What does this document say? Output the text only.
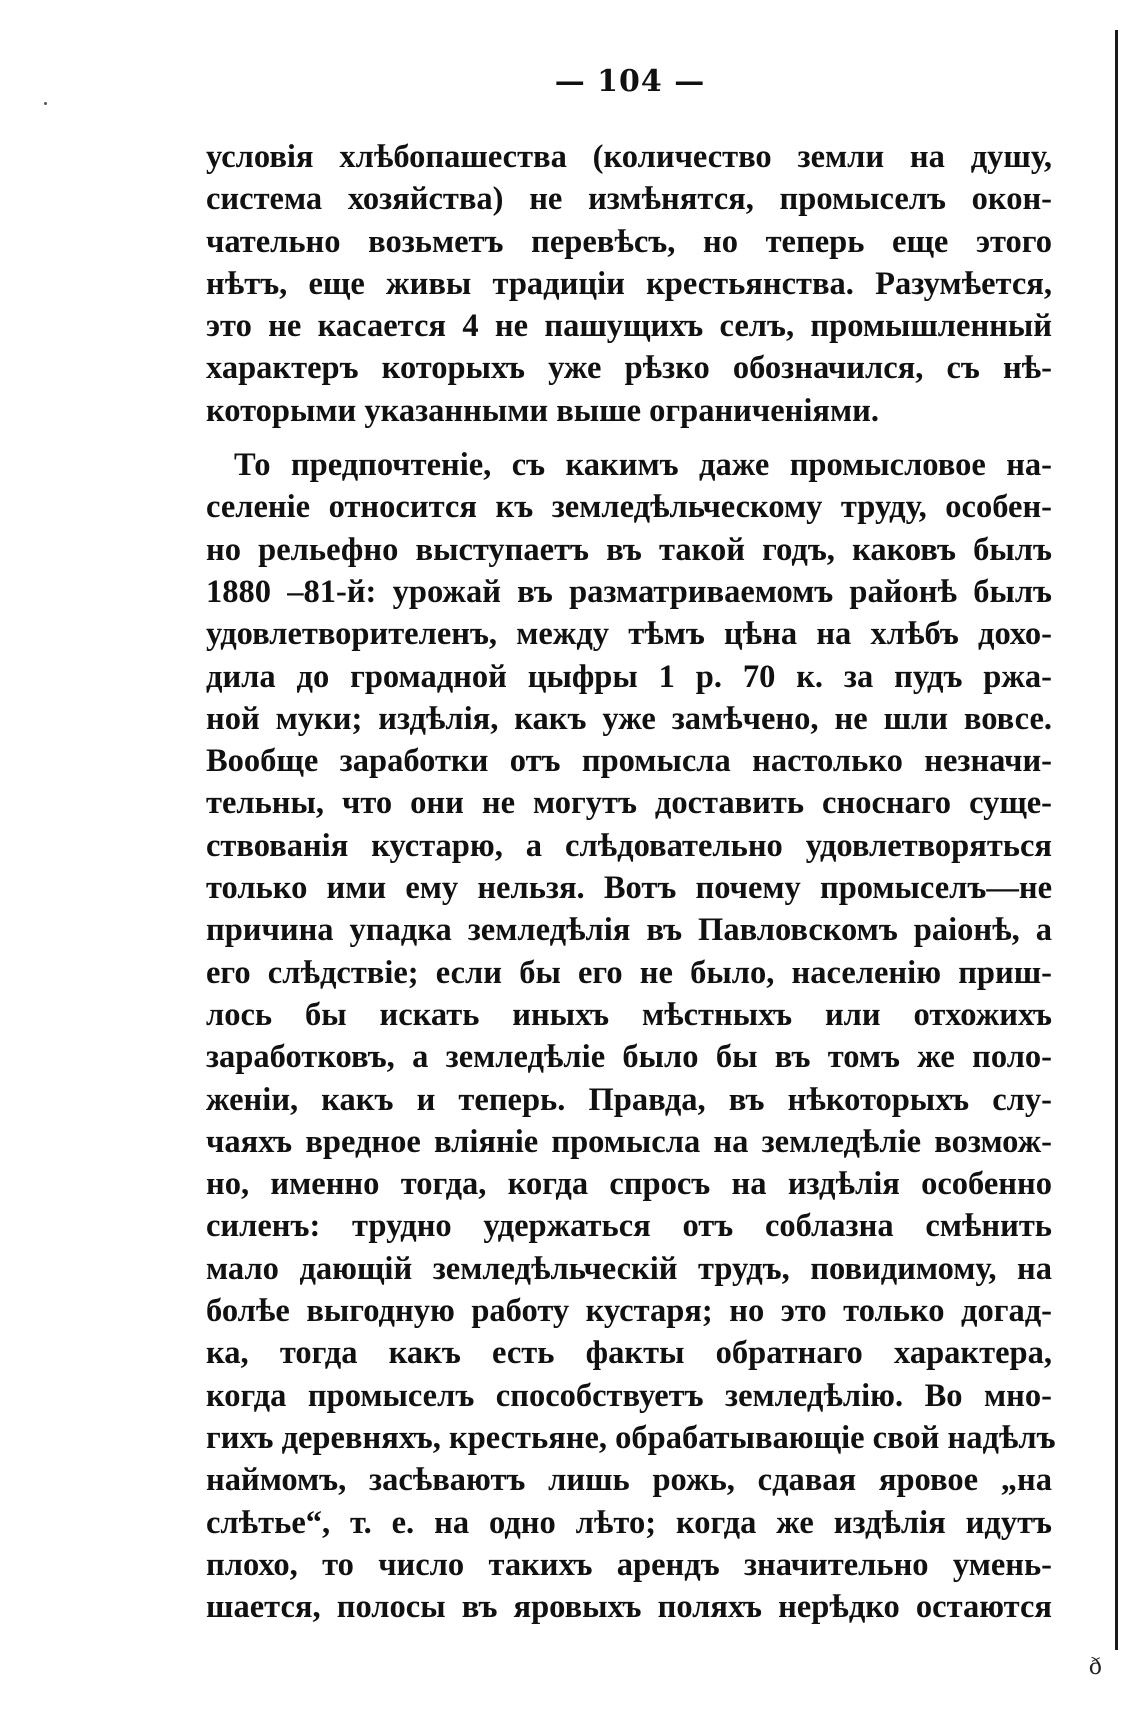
— 104 —
условія хлѣбопашества (количество земли на душу,
система хозяйства) не измѣнятся, промыселъ окон-
чательно возьметъ перевѣсъ, но теперь еще этого
нѣтъ, еще живы традиціи крестьянства. Разумѣется,
это не касается 4 не пашущихъ селъ, промышленный
характеръ которыхъ уже рѣзко обозначился, съ нѣ-
которыми указанными выше ограниченіями.
То предпочтеніе, съ какимъ даже промысловое на-
селеніе относится къ земледѣльческому труду, особен-
но рельефно выступаетъ въ такой годъ, каковъ былъ
1880 –81-й: урожай въ разматриваемомъ районѣ былъ
удовлетворителенъ, между тѣмъ цѣна на хлѣбъ дохо-
дила до громадной цыфры 1 р. 70 к. за пудъ ржа-
ной муки; издѣлія, какъ уже замѣчено, не шли вовсе.
Вообще заработки отъ промысла настолько незначи-
тельны, что они не могутъ доставить сноснаго суще-
ствованія кустарю, а слѣдовательно удовлетворяться
только ими ему нельзя. Вотъ почему промыселъ—не
причина упадка земледѣлія въ Павловскомъ раіонѣ, а
его слѣдствіе; если бы его не было, населенію приш-
лось бы искать иныхъ мѣстныхъ или отхожихъ
заработковъ, а земледѣліе было бы въ томъ же поло-
женіи, какъ и теперь. Правда, въ нѣкоторыхъ слу-
чаяхъ вредное вліяніе промысла на земледѣліе возмож-
но, именно тогда, когда спросъ на издѣлія особенно
силенъ: трудно удержаться отъ соблазна смѣнить
мало дающій земледѣльческій трудъ, повидимому, на
болѣе выгодную работу кустаря; но это только догад-
ка, тогда какъ есть факты обратнаго характера,
когда промыселъ способствуетъ земледѣлію. Во мно-
гихъ деревняхъ, крестьяне, обрабатывающіе свой надѣлъ
наймомъ, засѣваютъ лишь рожь, сдавая яровое „на
слѣтье“, т. е. на одно лѣто; когда же издѣлія идутъ
плохо, то число такихъ арендъ значительно умень-
шается, полосы въ яровыхъ поляхъ нерѣдко остаются
ð
